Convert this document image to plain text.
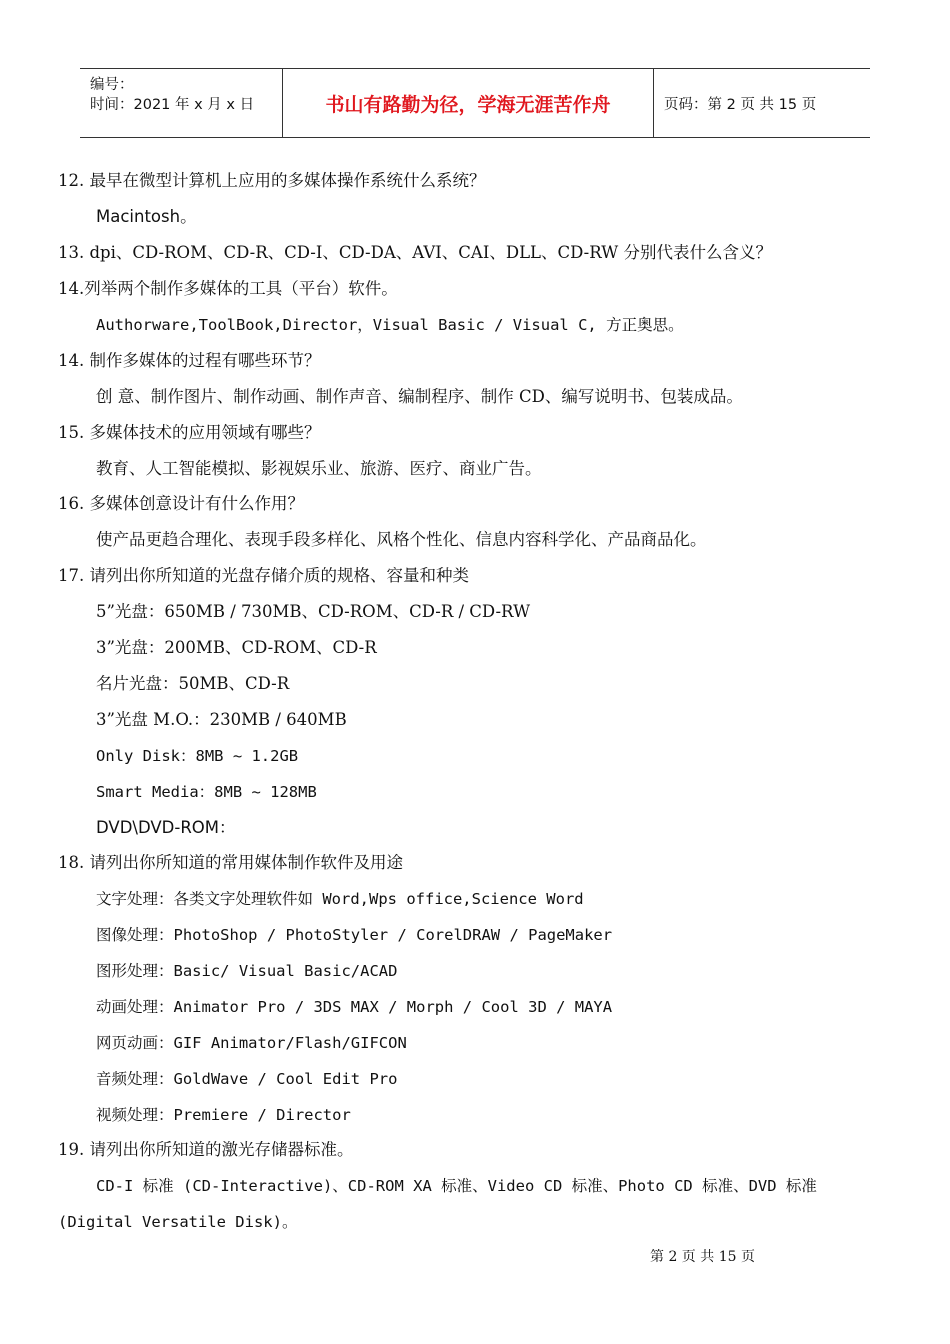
编号：
时间：2021 年 x 月 x 日	书山有路勤为径，学海无涯苦作舟	页码：第 2 页 共 15 页
12. 最早在微型计算机上应用的多媒体操作系统什么系统？
Macintosh。
13. dpi、CD-ROM、CD-R、CD-I、CD-DA、AVI、CAI、DLL、CD-RW 分别代表什么含义？
14.列举两个制作多媒体的工具（平台）软件。
Authorware,ToolBook,Director，Visual Basic / Visual C, 方正奥思。
14. 制作多媒体的过程有哪些环节？
创 意、制作图片、制作动画、制作声音、编制程序、制作 CD、编写说明书、包装成品。
15. 多媒体技术的应用领域有哪些？
教育、人工智能模拟、影视娱乐业、旅游、医疗、商业广告。
16. 多媒体创意设计有什么作用？
使产品更趋合理化、表现手段多样化、风格个性化、信息内容科学化、产品商品化。
17. 请列出你所知道的光盘存储介质的规格、容量和种类
5”光盘：650MB / 730MB、CD-ROM、CD-R / CD-RW
3”光盘：200MB、CD-ROM、CD-R
名片光盘：50MB、CD-R
3”光盘 M.O.：230MB / 640MB
Only Disk：8MB ~ 1.2GB
Smart Media：8MB ~ 128MB
DVD\DVD-ROM：
18. 请列出你所知道的常用媒体制作软件及用途
文字处理：各类文字处理软件如 Word,Wps office,Science Word
图像处理：PhotoShop / PhotoStyler / CorelDRAW / PageMaker
图形处理：Basic/ Visual Basic/ACAD
动画处理：Animator Pro / 3DS MAX / Morph / Cool 3D / MAYA
网页动画：GIF Animator/Flash/GIFCON
音频处理：GoldWave / Cool Edit Pro
视频处理：Premiere / Director
19. 请列出你所知道的激光存储器标准。
CD-I 标准 (CD-Interactive)、CD-ROM XA 标准、Video CD 标准、Photo CD 标准、DVD 标准
(Digital Versatile Disk)。
第 2 页 共 15 页
